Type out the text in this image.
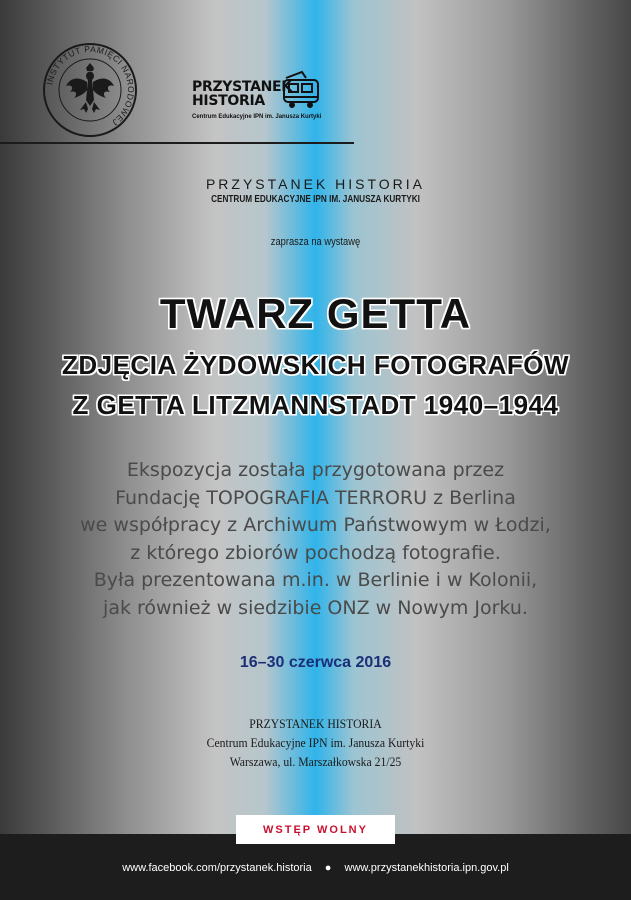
INSTYTUT PAMIĘCI NARODOWEJ
PRZYSTANEK
HISTORIA
Centrum Edukacyjne IPN im. Janusza Kurtyki
PRZYSTANEK HISTORIA
CENTRUM EDUKACYJNE IPN IM. JANUSZA KURTYKI
zaprasza na wystawę
TWARZ GETTA
ZDJĘCIA ŻYDOWSKICH FOTOGRAFÓW
Z GETTA LITZMANNSTADT 1940–1944
Ekspozycja została przygotowana przez
Fundację TOPOGRAFIA TERRORU z Berlina
we współpracy z Archiwum Państwowym w Łodzi,
z którego zbiorów pochodzą fotografie.
Była prezentowana m.in. w Berlinie i w Kolonii,
jak również w siedzibie ONZ w Nowym Jorku.
16–30 czerwca 2016
PRZYSTANEK HISTORIA
Centrum Edukacyjne IPN im. Janusza Kurtyki
Warszawa, ul. Marszałkowska 21/25
WSTĘP WOLNY
www.facebook.com/przystanek.historia ● www.przystanekhistoria.ipn.gov.pl
